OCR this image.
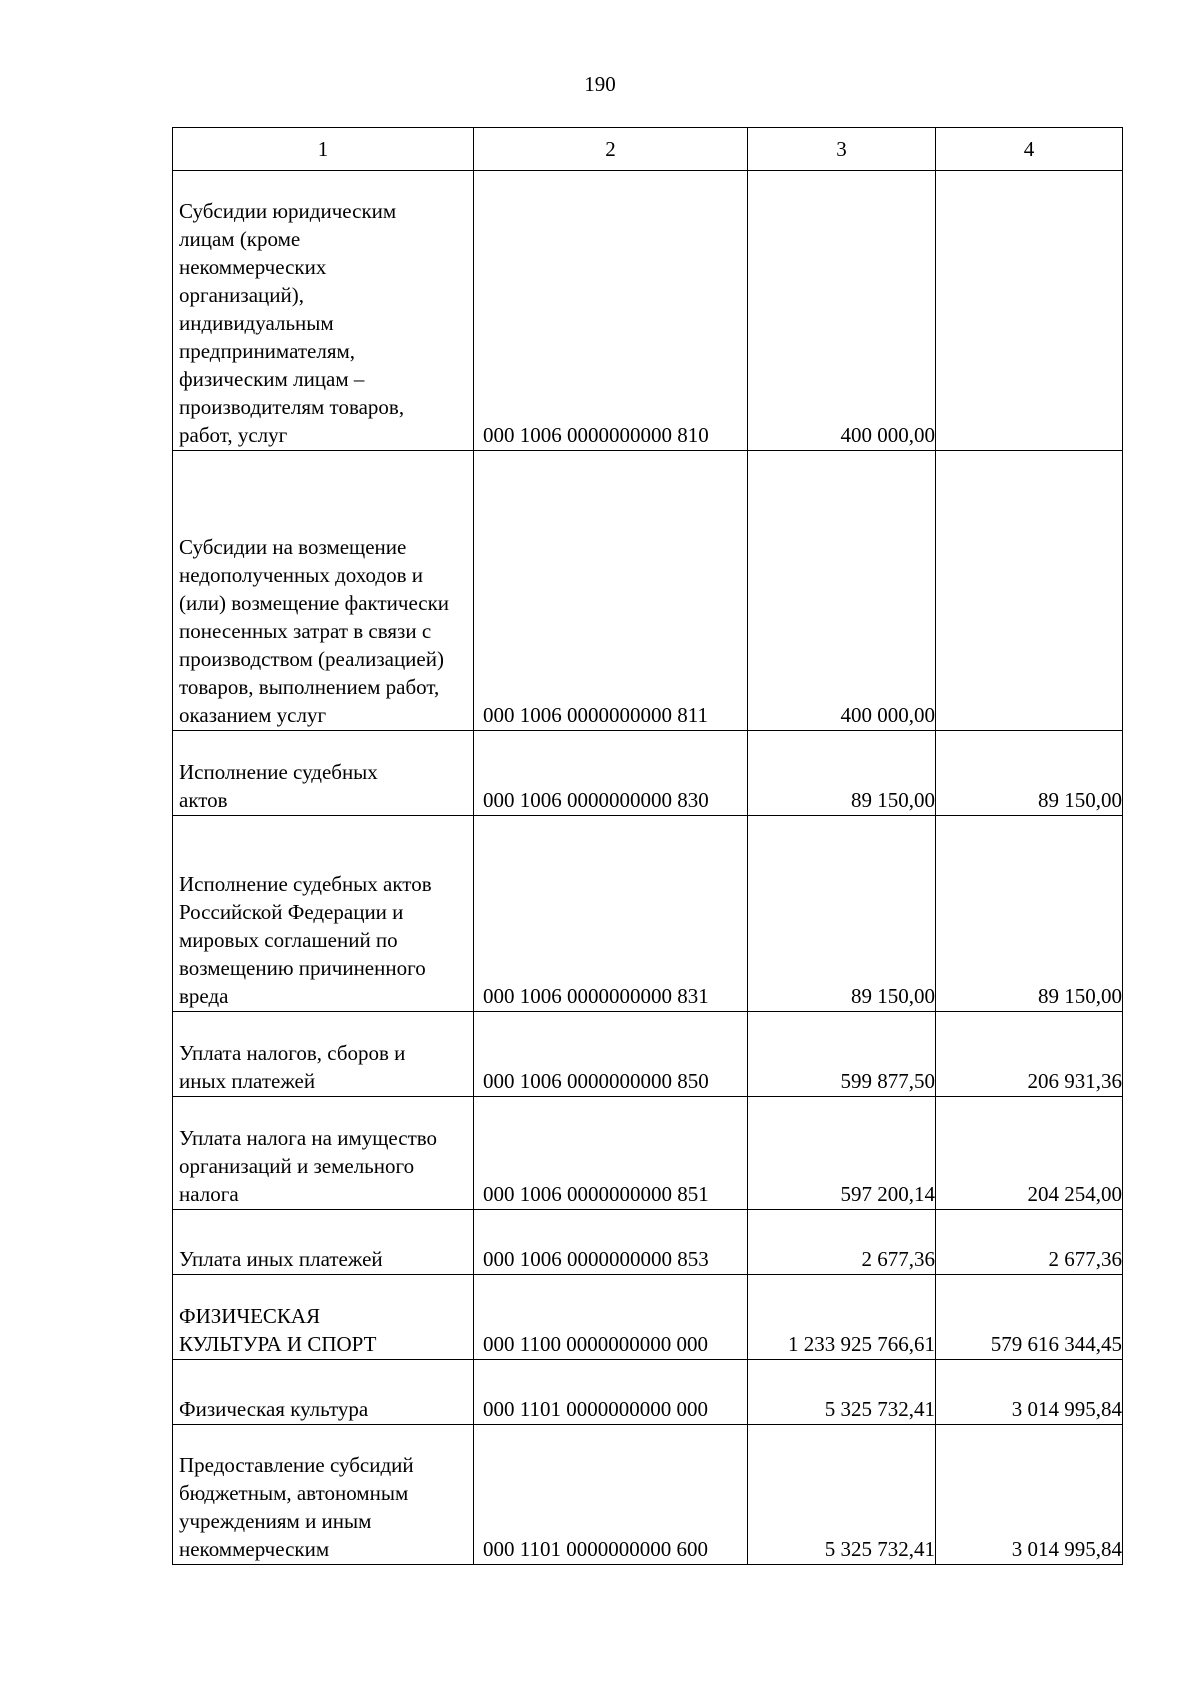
190
1	2	3	4

Субсидии юридическим лицам (кроме некоммерческих организаций), индивидуальным предпринимателям, физическим лицам – производителям товаров, работ, услуг	000 1006 0000000000 810	400 000,00	

Субсидии на возмещение недополученных доходов и (или) возмещение фактически понесенных затрат в связи с производством (реализацией) товаров, выполнением работ, оказанием услуг	000 1006 0000000000 811	400 000,00	

Исполнение судебных актов	000 1006 0000000000 830	89 150,00	89 150,00

Исполнение судебных актов Российской Федерации и мировых соглашений по возмещению причиненного вреда	000 1006 0000000000 831	89 150,00	89 150,00

Уплата налогов, сборов и иных платежей	000 1006 0000000000 850	599 877,50	206 931,36

Уплата налога на имущество организаций и земельного налога	000 1006 0000000000 851	597 200,14	204 254,00

Уплата иных платежей	000 1006 0000000000 853	2 677,36	2 677,36

ФИЗИЧЕСКАЯ КУЛЬТУРА И СПОРТ	000 1100 0000000000 000	1 233 925 766,61	579 616 344,45

Физическая культура	000 1101 0000000000 000	5 325 732,41	3 014 995,84

Предоставление субсидий бюджетным, автономным учреждениям и иным некоммерческим	000 1101 0000000000 600	5 325 732,41	3 014 995,84
